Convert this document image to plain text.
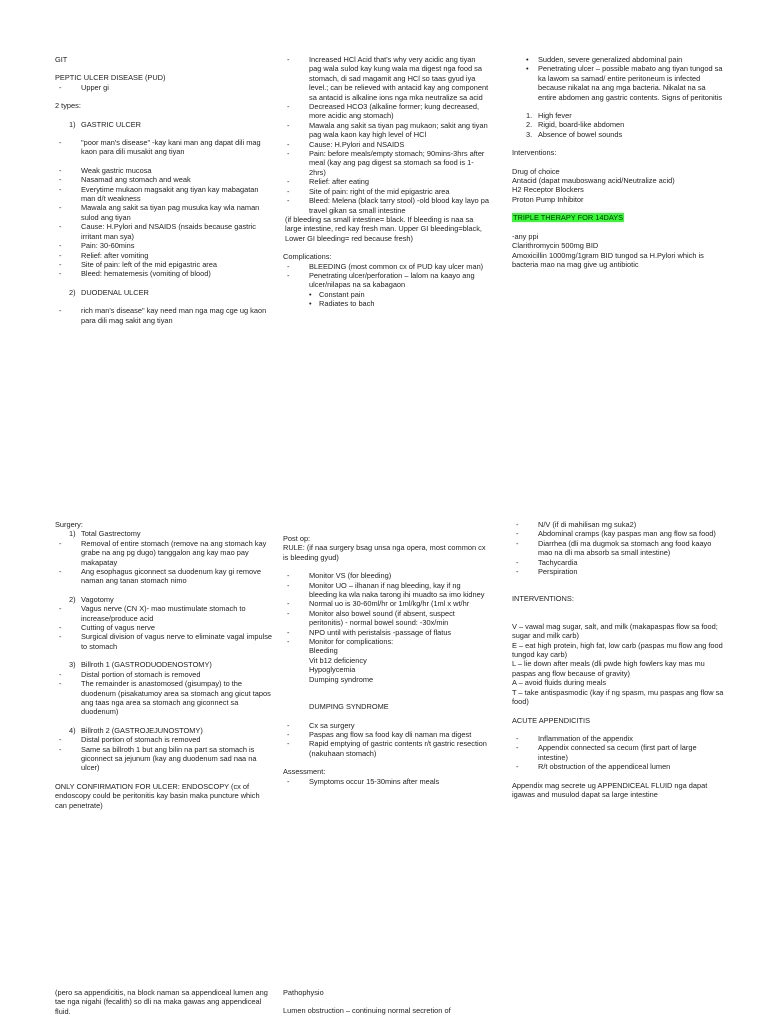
GIT

PEPTIC ULCER DISEASE (PUD)

- Upper gi

2 types:

1) GASTRIC ULCER

- "poor man's disease" -kay kani man ang dapat dili mag kaon para dili musakit ang tiyan
- Weak gastric mucosa
- Nasamad ang stomach and weak
- Everytime mukaon magsakit ang tiyan kay mabagatan man d/t weakness
- Mawala ang sakit sa tiyan pag musuka kay wla naman sulod ang tiyan
- Cause: H.Pylori and NSAIDS (nsaids because gastric irritant man sya)
- Pain: 30-60mins
- Relief: after vomiting
- Site of pain: left of the mid epigastric area
- Bleed: hematemesis (vomiting of blood)

2) DUODENAL ULCER

- rich man's disease" kay need man nga mag cge ug kaon para dili mag sakit ang tiyan
- Increased HCl Acid that's why very acidic ang tiyan pag wala sulod kay kung wala ma digest nga food sa stomach, di sad magamit ang HCl so taas gyud iya level.; can be relieved with antacid kay ang component sa antacid is alkaline ions nga mka neutralize sa acid
- Decreased HCO3 (alkaline former; kung decreased, more acidic ang stomach)
- Mawala ang sakit sa tiyan pag mukaon; sakit ang tiyan pag wala kaon kay high level of HCl
- Cause: H.Pylori and NSAIDS
- Pain: before meals/empty stomach; 90mins-3hrs after meal (kay ang pag digest sa stomach sa food is 1-2hrs)
- Relief: after eating
- Site of pain: right of the mid epigastric area
- Bleed: Melena (black tarry stool) -old blood kay layo pa travel gikan sa small intestine

(if bleeding sa small intestine= black. If bleeding is naa sa large intestine, red kay fresh man. Upper GI bleeding=black, Lower GI bleeding= red because fresh)

Complications:

- BLEEDING (most common cx of PUD kay ulcer man)
- Penetrating ulcer/perforation – lalom na kaayo ang ulcer/nilapas na sa kabagaon
• Constant pain
• Radiates to bach
• Sudden, severe generalized abdominal pain
• Penetrating ulcer – possible mabato ang tiyan tungod sa ka lawom sa samad/ entire peritoneum is infected because nikalat na ang mga bacteria. Nikalat na sa entire abdomen ang gastric contents. Signs of peritonitis
1. High fever
2. Rigid, board-like abdomen
3. Absence of bowel sounds

Interventions:

Drug of choice

Antacid (dapat mauboswang acid/Neutralize acid)

H2 Receptor Blockers

Proton Pump Inhibitor

TRIPLE THERAPY FOR 14DAYS

-any ppi

Clarithromycin 500mg BID

Amoxicillin 1000mg/1gram BID tungod sa H.Pylori which is bacteria mao na mag give ug antibiotic

Surgery:

1) Total Gastrectomy

- Removal of entire stomach (remove na ang stomach kay grabe na ang pg dugo) tanggalon ang kay mao pay makapatay
- Ang esophagus giconnect sa duodenum kay gi remove naman ang tanan stomach nimo

2) Vagotomy

- Vagus nerve (CN X)- mao mustimulate stomach to increase/produce acid
- Cutting of vagus nerve
- Surgical division of vagus nerve to eliminate vagal impulse to stomach

3) Billroth 1 (GASTRODUODENOSTOMY)

- Distal portion of stomach is removed
- The remainder is anastomosed (gisumpay) to the duodenum (pisakatumoy area sa stomach ang gicut tapos ang taas nga area sa stomach ang giconnect sa duodenum)

4) Billroth 2 (GASTROJEJUNOSTOMY)

- Distal portion of stomach is removed
- Same sa billroth 1 but ang bilin na part sa stomach is giconnect sa jejunum (kay ang duodenum sad naa na ulcer)

ONLY CONFIRMATION FOR ULCER: ENDOSCOPY (cx of endoscopy could be peritonitis kay basin maka puncture which can penetrate)

Post op:

RULE: (if naa surgery bsag unsa nga opera, most common cx is bleeding gyud)

- Monitor VS (for bleeding)
- Monitor UO – ilhanan if nag bleeding, kay if ng bleeding ka wla naka tarong ihi muadto sa imo kidney
- Normal uo is 30-60ml/hr or 1ml/kg/hr (1ml x wt/hr
- Monitor also bowel sound (if absent, suspect peritonitis) - normal bowel sound: -30x/min
- NPO until with peristalsis -passage of flatus
- Monitor for complications:

Bleeding

Vit b12 deficiency

Hypoglycemia

Dumping syndrome

DUMPING SYNDROME

- Cx sa surgery
- Paspas ang flow sa food kay dli naman ma digest
- Rapid emptying of gastric contents r/t gastric resection (nakuhaan stomach)

Assessment:

- Symptoms occur 15-30mins after meals
- N/V (if di mahilisan mg suka2)
- Abdominal cramps (kay paspas man ang flow sa food)
- Diarrhea (dli ma dugmok sa stomach ang food kaayo mao na dli ma absorb sa small intestine)
- Tachycardia
- Perspiration

INTERVENTIONS:

V – vawal mag sugar, salt, and milk (makapaspas flow sa food; sugar and milk carb)

E – eat high protein, high fat, low carb (paspas mu flow ang food tungod kay carb)

L – lie down after meals (dli pwde high fowlers kay mas mu paspas ang flow because of gravity)

A – avoid fluids during meals

T – take antispasmodic (kay if ng spasm, mu paspas ang flow sa food)

ACUTE APPENDICITIS

- Inflammation of the appendix
- Appendix connected sa cecum (first part of large intestine)
- R/t obstruction of the appendiceal lumen

Appendix mag secrete ug APPENDICEAL FLUID nga dapat igawas and musulod dapat sa large intestine

(pero sa appendicitis, na block naman sa appendiceal lumen ang tae nga nigahi (fecalith) so dli na maka gawas ang appendiceal fluid.

Pathophysio

Lumen obstruction – continuing normal secretion of
